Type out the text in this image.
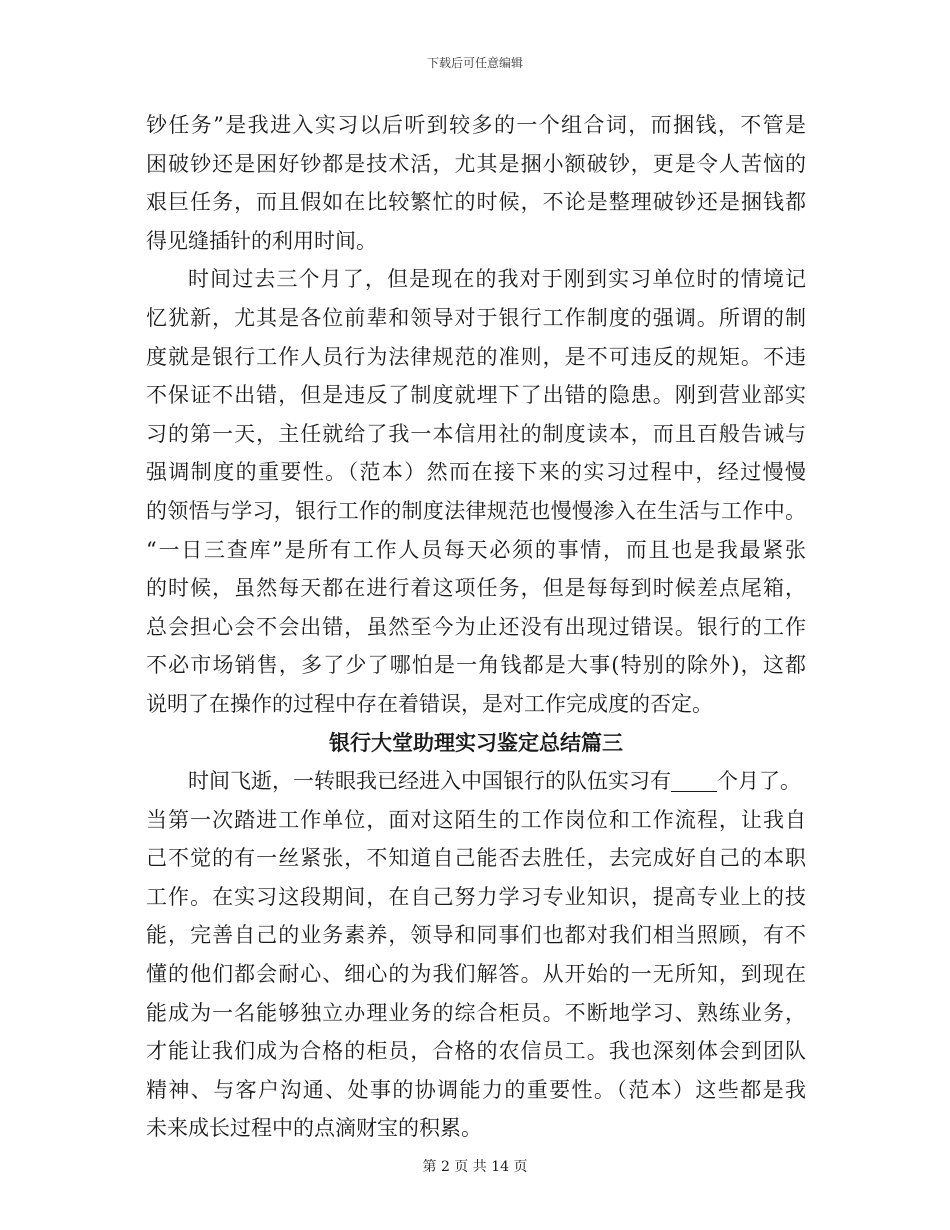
下载后可任意编辑
钞任务”是我进入实习以后听到较多的一个组合词，而捆钱，不管是
困破钞还是困好钞都是技术活，尤其是捆小额破钞，更是令人苦恼的
艰巨任务，而且假如在比较繁忙的时候，不论是整理破钞还是捆钱都
得见缝插针的利用时间。
时间过去三个月了，但是现在的我对于刚到实习单位时的情境记
忆犹新，尤其是各位前辈和领导对于银行工作制度的强调。所谓的制
度就是银行工作人员行为法律规范的准则，是不可违反的规矩。不违
不保证不出错，但是违反了制度就埋下了出错的隐患。刚到营业部实
习的第一天，主任就给了我一本信用社的制度读本，而且百般告诫与
强调制度的重要性。（范本）然而在接下来的实习过程中，经过慢慢
的领悟与学习，银行工作的制度法律规范也慢慢渗入在生活与工作中。
“一日三查库”是所有工作人员每天必须的事情，而且也是我最紧张
的时候，虽然每天都在进行着这项任务，但是每每到时候差点尾箱，
总会担心会不会出错，虽然至今为止还没有出现过错误。银行的工作
不必市场销售，多了少了哪怕是一角钱都是大事(特别的除外)，这都
说明了在操作的过程中存在着错误，是对工作完成度的否定。
银行大堂助理实习鉴定总结篇三
时间飞逝，一转眼我已经进入中国银行的队伍实习有 个月了。
当第一次踏进工作单位，面对这陌生的工作岗位和工作流程，让我自
己不觉的有一丝紧张，不知道自己能否去胜任，去完成好自己的本职
工作。在实习这段期间，在自己努力学习专业知识，提高专业上的技
能，完善自己的业务素养，领导和同事们也都对我们相当照顾，有不
懂的他们都会耐心、细心的为我们解答。从开始的一无所知，到现在
能成为一名能够独立办理业务的综合柜员。不断地学习、熟练业务，
才能让我们成为合格的柜员，合格的农信员工。我也深刻体会到团队
精神、与客户沟通、处事的协调能力的重要性。（范本）这些都是我
未来成长过程中的点滴财宝的积累。
第 2 页 共 14 页
